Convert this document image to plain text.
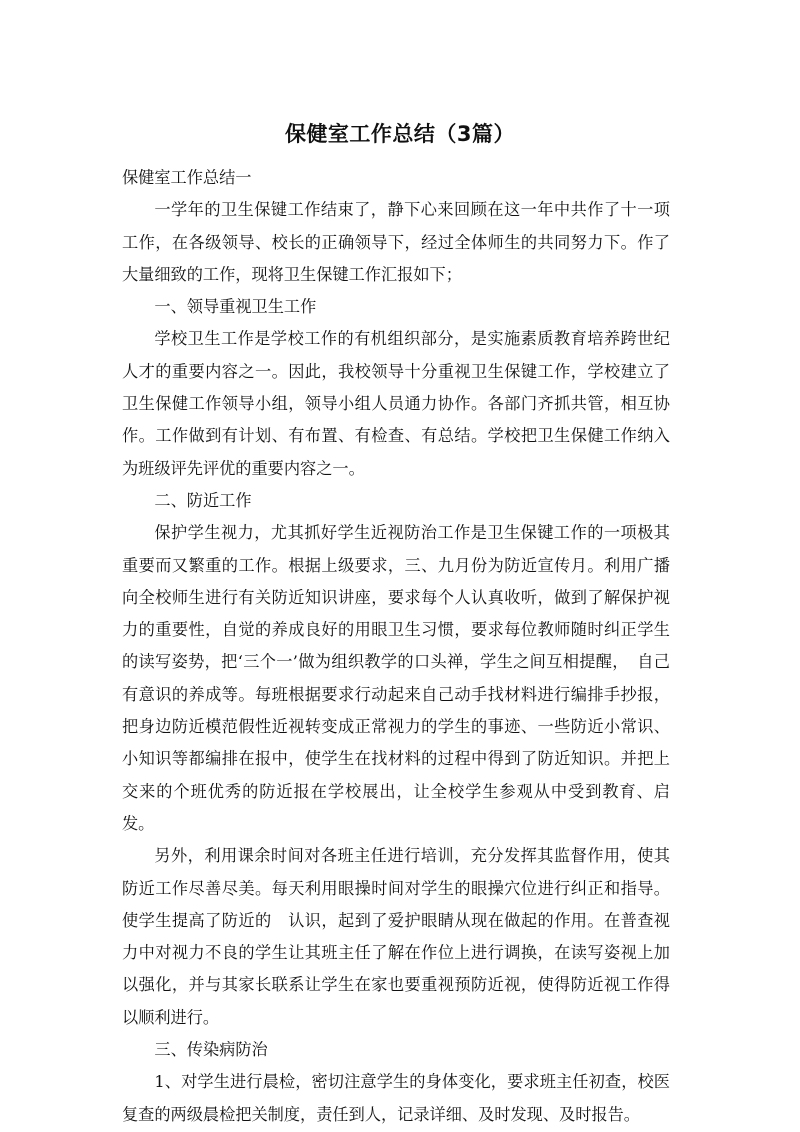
保健室工作总结（3篇）

保健室工作总结一

一学年的卫生保键工作结束了，静下心来回顾在这一年中共作了十一项工作，在各级领导、校长的正确领导下，经过全体师生的共同努力下。作了大量细致的工作，现将卫生保键工作汇报如下；

一、领导重视卫生工作

学校卫生工作是学校工作的有机组织部分，是实施素质教育培养跨世纪人才的重要内容之一。因此，我校领导十分重视卫生保键工作，学校建立了卫生保健工作领导小组，领导小组人员通力协作。各部门齐抓共管，相互协作。工作做到有计划、有布置、有检查、有总结。学校把卫生保健工作纳入为班级评先评优的重要内容之一。

二、防近工作

保护学生视力，尤其抓好学生近视防治工作是卫生保键工作的一项极其重要而又繁重的工作。根据上级要求，三、九月份为防近宣传月。利用广播向全校师生进行有关防近知识讲座，要求每个人认真收听，做到了解保护视力的重要性，自觉的养成良好的用眼卫生习惯，要求每位教师随时纠正学生的读写姿势，把‘三个一’做为组织教学的口头禅，学生之间互相提醒，　自己有意识的养成等。每班根据要求行动起来自己动手找材料进行编排手抄报，把身边防近模范假性近视转变成正常视力的学生的事迹、一些防近小常识、小知识等都编排在报中，使学生在找材料的过程中得到了防近知识。并把上交来的个班优秀的防近报在学校展出，让全校学生参观从中受到教育、启发。

另外，利用课余时间对各班主任进行培训，充分发挥其监督作用，使其防近工作尽善尽美。每天利用眼操时间对学生的眼操穴位进行纠正和指导。使学生提高了防近的　认识，起到了爱护眼睛从现在做起的作用。在普查视力中对视力不良的学生让其班主任了解在作位上进行调换，在读写姿视上加以强化，并与其家长联系让学生在家也要重视预防近视，使得防近视工作得以顺利进行。

三、传染病防治

1、对学生进行晨检，密切注意学生的身体变化，要求班主任初查，校医复查的两级晨检把关制度，责任到人，记录详细、及时发现、及时报告。
